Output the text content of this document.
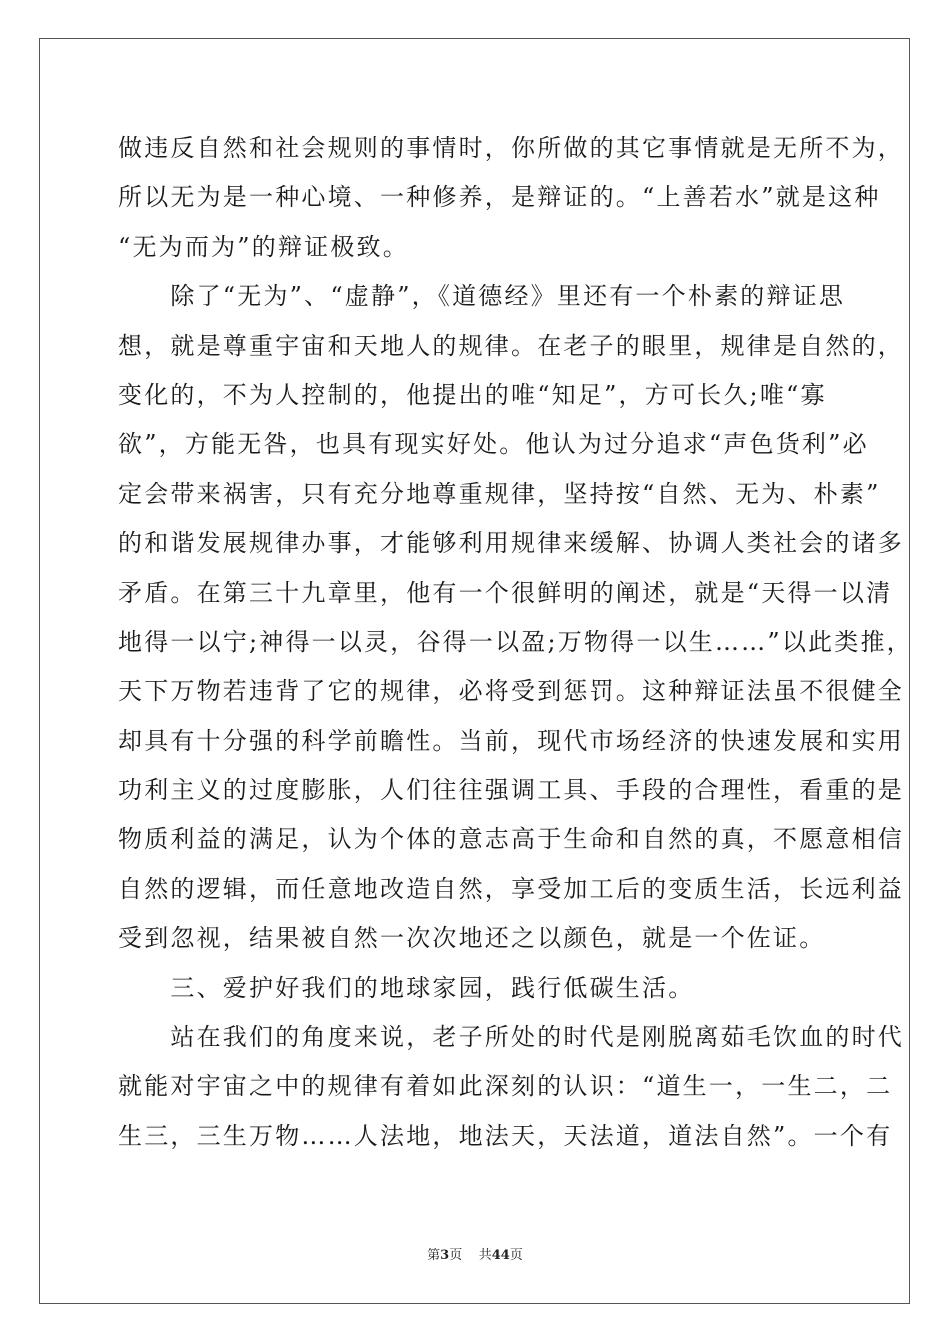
做违反自然和社会规则的事情时，你所做的其它事情就是无所不为，
所以无为是一种心境、一种修养，是辩证的。“上善若水”就是这种
“无为而为”的辩证极致。
　　除了“无为”、“虚静”，《道德经》里还有一个朴素的辩证思
想，就是尊重宇宙和天地人的规律。在老子的眼里，规律是自然的，
变化的，不为人控制的，他提出的唯“知足”，方可长久;唯“寡
欲”，方能无咎，也具有现实好处。他认为过分追求“声色货利”必
定会带来祸害，只有充分地尊重规律，坚持按“自然、无为、朴素”
的和谐发展规律办事，才能够利用规律来缓解、协调人类社会的诸多
矛盾。在第三十九章里，他有一个很鲜明的阐述，就是“天得一以清
地得一以宁;神得一以灵，谷得一以盈;万物得一以生……”以此类推，
天下万物若违背了它的规律，必将受到惩罚。这种辩证法虽不很健全
却具有十分强的科学前瞻性。当前，现代市场经济的快速发展和实用
功利主义的过度膨胀，人们往往强调工具、手段的合理性，看重的是
物质利益的满足，认为个体的意志高于生命和自然的真，不愿意相信
自然的逻辑，而任意地改造自然，享受加工后的变质生活，长远利益
受到忽视，结果被自然一次次地还之以颜色，就是一个佐证。
　　三、爱护好我们的地球家园，践行低碳生活。
　　站在我们的角度来说，老子所处的时代是刚脱离茹毛饮血的时代
就能对宇宙之中的规律有着如此深刻的认识：“道生一，一生二，二
生三，三生万物……人法地，地法天，天法道，道法自然”。一个有
第3页 共44页
